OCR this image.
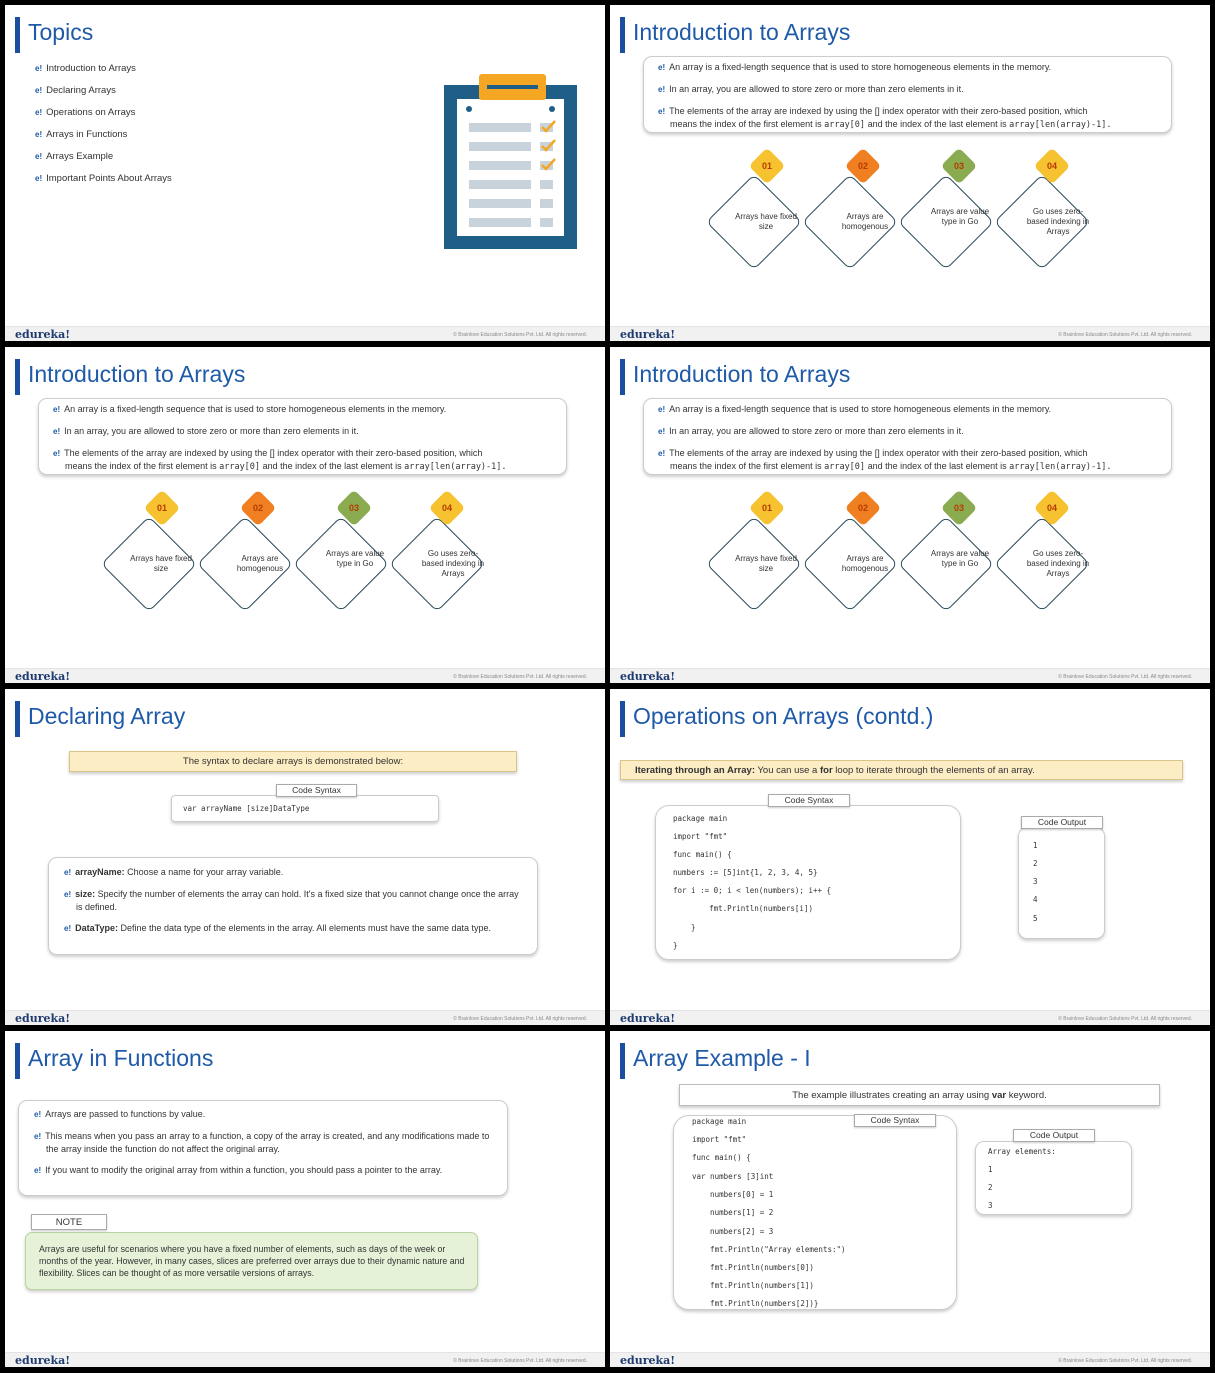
Topics
e! Introduction to Arrays
e! Declaring Arrays
e! Operations on Arrays
e! Arrays in Functions
e! Arrays Example
e! Important Points About Arrays
edureka!	© Brainlove Education Solutions Pvt. Ltd. All rights reserved.
Introduction to Arrays
e! An array is a fixed-length sequence that is used to store homogeneous elements in the memory.
e! In an array, you are allowed to store zero or more than zero elements in it.
e! The elements of the array are indexed by using the [] index operator with their zero-based position, which
means the index of the first element is array[0] and the index of the last element is array[len(array)-1].
01	02	03	04
Arrays have fixed size
Arrays are homogenous
Arrays are value type in Go
Go uses zero-based indexing in Arrays
edureka!	© Brainlove Education Solutions Pvt. Ltd. All rights reserved.
Introduction to Arrays
e! An array is a fixed-length sequence that is used to store homogeneous elements in the memory.
e! In an array, you are allowed to store zero or more than zero elements in it.
e! The elements of the array are indexed by using the [] index operator with their zero-based position, which
means the index of the first element is array[0] and the index of the last element is array[len(array)-1].
01	02	03	04
Arrays have fixed size
Arrays are homogenous
Arrays are value type in Go
Go uses zero-based indexing in Arrays
edureka!	© Brainlove Education Solutions Pvt. Ltd. All rights reserved.
Introduction to Arrays
e! An array is a fixed-length sequence that is used to store homogeneous elements in the memory.
e! In an array, you are allowed to store zero or more than zero elements in it.
e! The elements of the array are indexed by using the [] index operator with their zero-based position, which
means the index of the first element is array[0] and the index of the last element is array[len(array)-1].
01	02	03	04
Arrays have fixed size
Arrays are homogenous
Arrays are value type in Go
Go uses zero-based indexing in Arrays
edureka!	© Brainlove Education Solutions Pvt. Ltd. All rights reserved.
Declaring Array
The syntax to declare arrays is demonstrated below:
Code Syntax
var arrayName [size]DataType
e! arrayName: Choose a name for your array variable.
e! size: Specify the number of elements the array can hold. It's a fixed size that you cannot change once the array is defined.
e! DataType: Define the data type of the elements in the array. All elements must have the same data type.
edureka!	© Brainlove Education Solutions Pvt. Ltd. All rights reserved.
Operations on Arrays (contd.)
Iterating through an Array: You can use a for loop to iterate through the elements of an array.
Code Syntax
package main
import "fmt"
func main() {
numbers := [5]int{1, 2, 3, 4, 5}
for i := 0; i < len(numbers); i++ {
fmt.Println(numbers[i])
}
}
Code Output
1
2
3
4
5
edureka!	© Brainlove Education Solutions Pvt. Ltd. All rights reserved.
Array in Functions
e! Arrays are passed to functions by value.
e! This means when you pass an array to a function, a copy of the array is created, and any modifications made to the array inside the function do not affect the original array.
e! If you want to modify the original array from within a function, you should pass a pointer to the array.
NOTE
Arrays are useful for scenarios where you have a fixed number of elements, such as days of the week or months of the year. However, in many cases, slices are preferred over arrays due to their dynamic nature and flexibility. Slices can be thought of as more versatile versions of arrays.
edureka!	© Brainlove Education Solutions Pvt. Ltd. All rights reserved.
Array Example - I
The example illustrates creating an array using var keyword.
Code Syntax
package main
import "fmt"
func main() {
var numbers [3]int
numbers[0] = 1
numbers[1] = 2
numbers[2] = 3
fmt.Println("Array elements:")
fmt.Println(numbers[0])
fmt.Println(numbers[1])
fmt.Println(numbers[2])}
Code Output
Array elements:
1
2
3
edureka!	© Brainlove Education Solutions Pvt. Ltd. All rights reserved.
